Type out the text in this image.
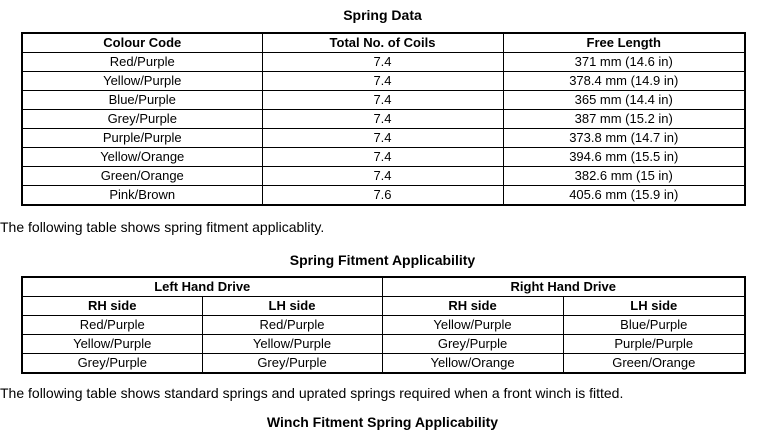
Spring Data
Colour Code	Total No. of Coils	Free Length
Red/Purple	7.4	371 mm (14.6 in)
Yellow/Purple	7.4	378.4 mm (14.9 in)
Blue/Purple	7.4	365 mm (14.4 in)
Grey/Purple	7.4	387 mm (15.2 in)
Purple/Purple	7.4	373.8 mm (14.7 in)
Yellow/Orange	7.4	394.6 mm (15.5 in)
Green/Orange	7.4	382.6 mm (15 in)
Pink/Brown	7.6	405.6 mm (15.9 in)
The following table shows spring fitment applicablity.
Spring Fitment Applicability
Left Hand Drive		Right Hand Drive	
RH side	LH side	RH side	LH side
Red/Purple	Red/Purple	Yellow/Purple	Blue/Purple
Yellow/Purple	Yellow/Purple	Grey/Purple	Purple/Purple
Grey/Purple	Grey/Purple	Yellow/Orange	Green/Orange
The following table shows standard springs and uprated springs required when a front winch is fitted.
Winch Fitment Spring Applicability
